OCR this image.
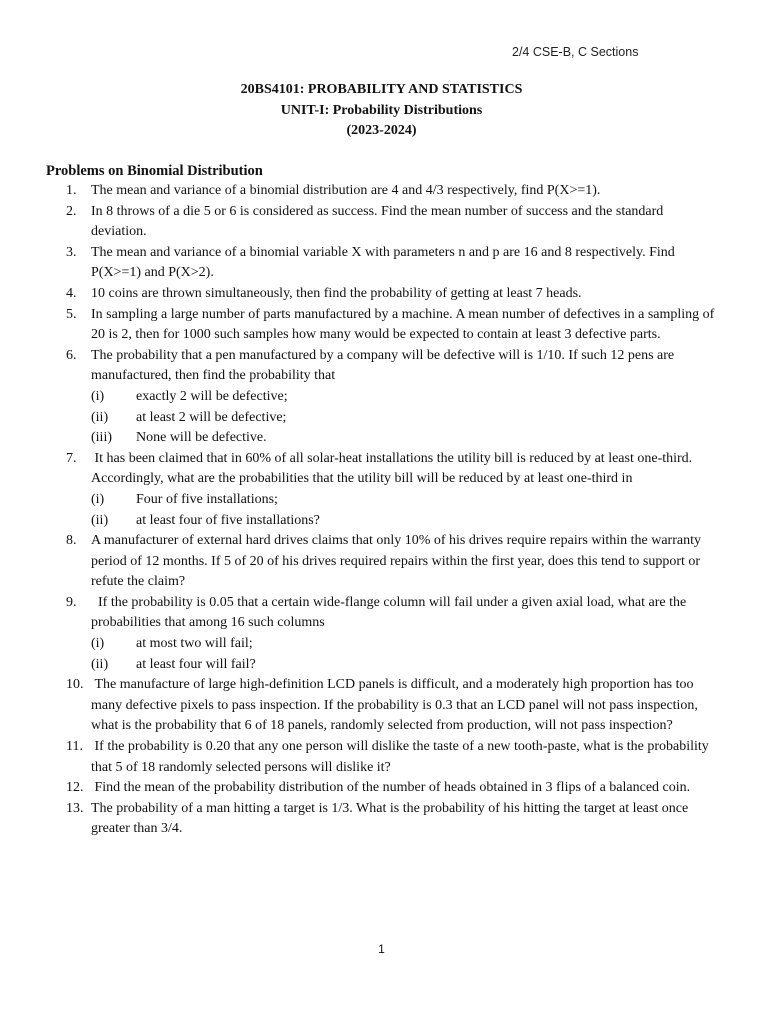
2/4 CSE-B, C Sections
20BS4101: PROBABILITY AND STATISTICS
UNIT-I: Probability Distributions
(2023-2024)
Problems on Binomial Distribution
1. The mean and variance of a binomial distribution are 4 and 4/3 respectively, find P(X>=1).
2. In 8 throws of a die 5 or 6 is considered as success. Find the mean number of success and the standard deviation.
3. The mean and variance of a binomial variable X with parameters n and p are 16 and 8 respectively. Find P(X>=1) and P(X>2).
4. 10 coins are thrown simultaneously, then find the probability of getting at least 7 heads.
5. In sampling a large number of parts manufactured by a machine. A mean number of defectives in a sampling of 20 is 2, then for 1000 such samples how many would be expected to contain at least 3 defective parts.
6. The probability that a pen manufactured by a company will be defective will is 1/10. If such 12 pens are manufactured, then find the probability that
(i) exactly 2 will be defective;
(ii) at least 2 will be defective;
(iii) None will be defective.
7. It has been claimed that in 60% of all solar-heat installations the utility bill is reduced by at least one-third. Accordingly, what are the probabilities that the utility bill will be reduced by at least one-third in
(i) Four of five installations;
(ii) at least four of five installations?
8. A manufacturer of external hard drives claims that only 10% of his drives require repairs within the warranty period of 12 months. If 5 of 20 of his drives required repairs within the first year, does this tend to support or refute the claim?
9. If the probability is 0.05 that a certain wide-flange column will fail under a given axial load, what are the probabilities that among 16 such columns
(i) at most two will fail;
(ii) at least four will fail?
10. The manufacture of large high-definition LCD panels is difficult, and a moderately high proportion has too many defective pixels to pass inspection. If the probability is 0.3 that an LCD panel will not pass inspection, what is the probability that 6 of 18 panels, randomly selected from production, will not pass inspection?
11. If the probability is 0.20 that any one person will dislike the taste of a new tooth-paste, what is the probability that 5 of 18 randomly selected persons will dislike it?
12. Find the mean of the probability distribution of the number of heads obtained in 3 flips of a balanced coin.
13. The probability of a man hitting a target is 1/3. What is the probability of his hitting the target at least once greater than 3/4.
1
